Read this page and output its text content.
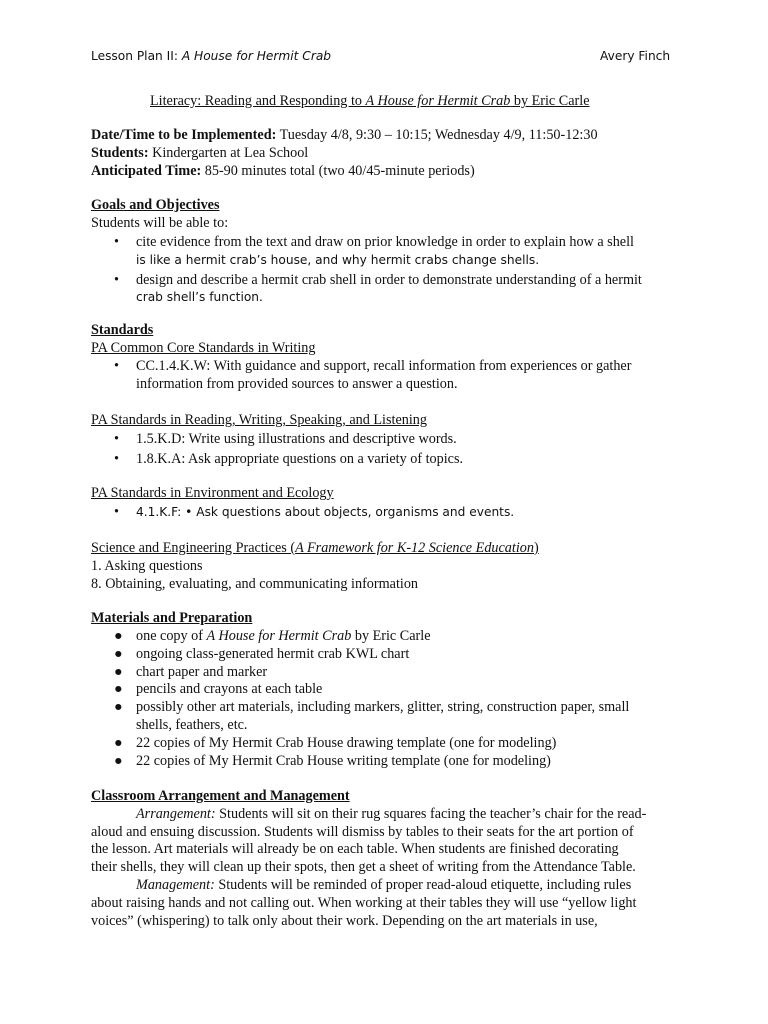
Lesson Plan II: A House for Hermit Crab	Avery Finch
Literacy: Reading and Responding to A House for Hermit Crab by Eric Carle
Date/Time to be Implemented: Tuesday 4/8, 9:30 – 10:15; Wednesday 4/9, 11:50-12:30
Students: Kindergarten at Lea School
Anticipated Time: 85-90 minutes total (two 40/45-minute periods)
Goals and Objectives
Students will be able to:
• cite evidence from the text and draw on prior knowledge in order to explain how a shell
is like a hermit crab’s house, and why hermit crabs change shells.
• design and describe a hermit crab shell in order to demonstrate understanding of a hermit
crab shell’s function.
Standards
PA Common Core Standards in Writing
• CC.1.4.K.W: With guidance and support, recall information from experiences or gather
information from provided sources to answer a question.
PA Standards in Reading, Writing, Speaking, and Listening
• 1.5.K.D: Write using illustrations and descriptive words.
• 1.8.K.A: Ask appropriate questions on a variety of topics.
PA Standards in Environment and Ecology
• 4.1.K.F: • Ask questions about objects, organisms and events.
Science and Engineering Practices (A Framework for K-12 Science Education)
1. Asking questions
8. Obtaining, evaluating, and communicating information
Materials and Preparation
● one copy of A House for Hermit Crab by Eric Carle
● ongoing class-generated hermit crab KWL chart
● chart paper and marker
● pencils and crayons at each table
● possibly other art materials, including markers, glitter, string, construction paper, small
shells, feathers, etc.
● 22 copies of My Hermit Crab House drawing template (one for modeling)
● 22 copies of My Hermit Crab House writing template (one for modeling)
Classroom Arrangement and Management
Arrangement: Students will sit on their rug squares facing the teacher’s chair for the read-
aloud and ensuing discussion. Students will dismiss by tables to their seats for the art portion of
the lesson. Art materials will already be on each table. When students are finished decorating
their shells, they will clean up their spots, then get a sheet of writing from the Attendance Table.
Management: Students will be reminded of proper read-aloud etiquette, including rules
about raising hands and not calling out. When working at their tables they will use “yellow light
voices” (whispering) to talk only about their work. Depending on the art materials in use,
